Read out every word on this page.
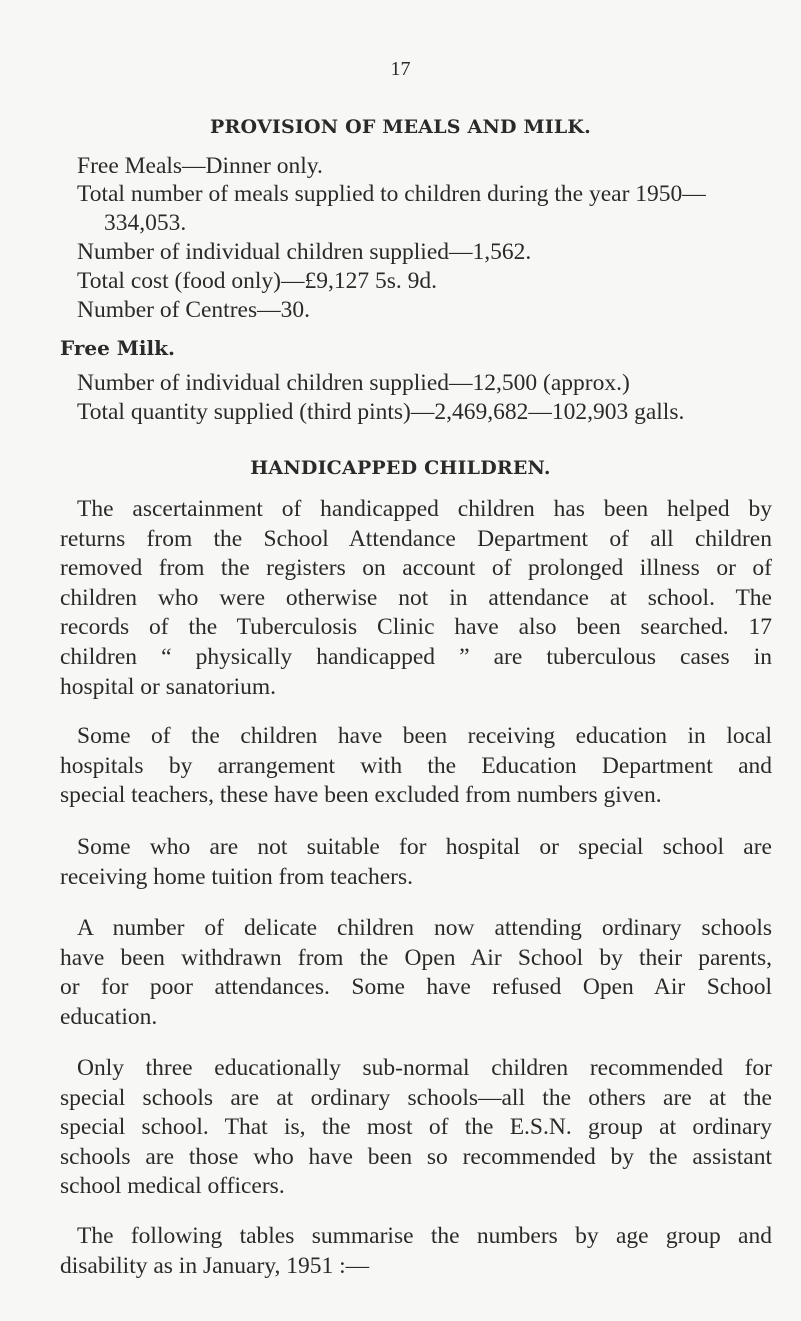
17
PROVISION OF MEALS AND MILK.
Free Meals—Dinner only.
Total number of meals supplied to children during the year 1950—
334,053.
Number of individual children supplied—1,562.
Total cost (food only)—£9,127 5s. 9d.
Number of Centres—30.
Free Milk.
Number of individual children supplied—12,500 (approx.)
Total quantity supplied (third pints)—2,469,682—102,903 galls.
HANDICAPPED CHILDREN.
The ascertainment of handicapped children has been helped by
returns from the School Attendance Department of all children
removed from the registers on account of prolonged illness or of
children who were otherwise not in attendance at school. The
records of the Tuberculosis Clinic have also been searched. 17
children “ physically handicapped ” are tuberculous cases in
hospital or sanatorium.
Some of the children have been receiving education in local
hospitals by arrangement with the Education Department and
special teachers, these have been excluded from numbers given.
Some who are not suitable for hospital or special school are
receiving home tuition from teachers.
A number of delicate children now attending ordinary schools
have been withdrawn from the Open Air School by their parents,
or for poor attendances. Some have refused Open Air School
education.
Only three educationally sub-normal children recommended for
special schools are at ordinary schools—all the others are at the
special school. That is, the most of the E.S.N. group at ordinary
schools are those who have been so recommended by the assistant
school medical officers.
The following tables summarise the numbers by age group and
disability as in January, 1951 :—
